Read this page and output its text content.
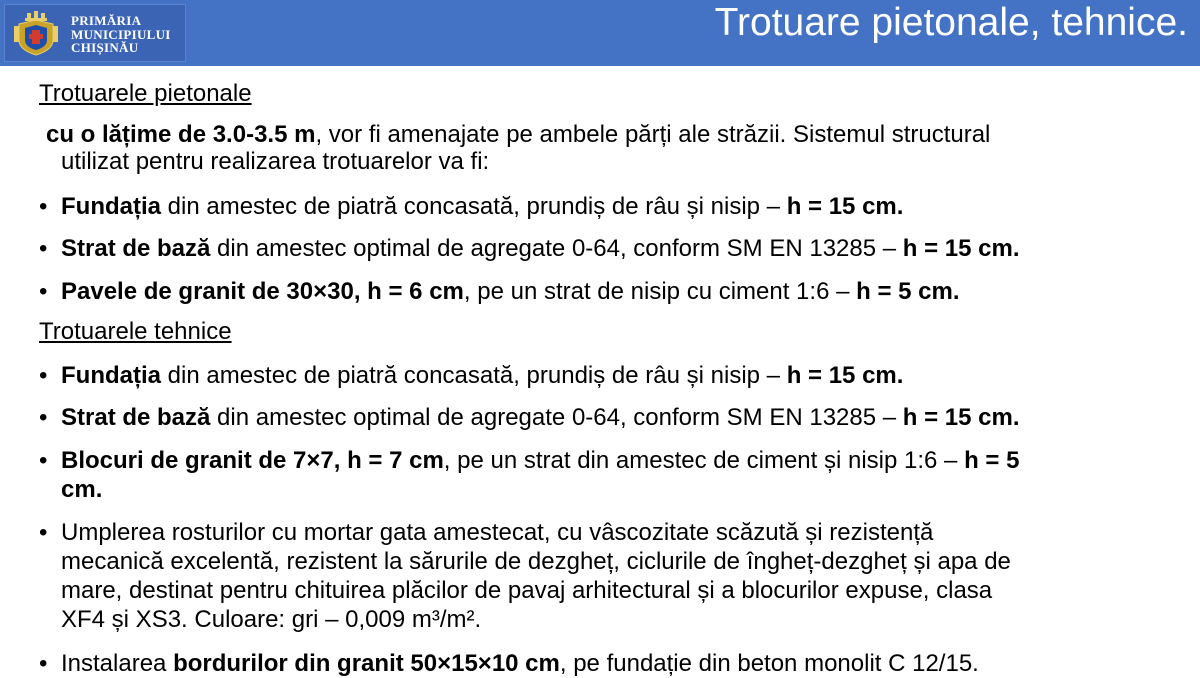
PRIMĂRIA
MUNICIPIULUI
CHIȘINĂU
Trotuare pietonale, tehnice.
Trotuarele pietonale
cu o lățime de 3.0-3.5 m, vor fi amenajate pe ambele părți ale străzii. Sistemul structural
utilizat pentru realizarea trotuarelor va fi:
• Fundația din amestec de piatră concasată, prundiș de râu și nisip – h = 15 cm.
• Strat de bază din amestec optimal de agregate 0-64, conform SM EN 13285 – h = 15 cm.
• Pavele de granit de 30×30, h = 6 cm, pe un strat de nisip cu ciment 1:6 – h = 5 cm.
Trotuarele tehnice
• Fundația din amestec de piatră concasată, prundiș de râu și nisip – h = 15 cm.
• Strat de bază din amestec optimal de agregate 0-64, conform SM EN 13285 – h = 15 cm.
• Blocuri de granit de 7×7, h = 7 cm, pe un strat din amestec de ciment și nisip 1:6 – h = 5
cm.
• Umplerea rosturilor cu mortar gata amestecat, cu vâscozitate scăzută și rezistență
mecanică excelentă, rezistent la sărurile de dezgheț, ciclurile de îngheț-dezgheț și apa de
mare, destinat pentru chituirea plăcilor de pavaj arhitectural și a blocurilor expuse, clasa
XF4 și XS3. Culoare: gri – 0,009 m³/m².
• Instalarea bordurilor din granit 50×15×10 cm, pe fundație din beton monolit C 12/15.
